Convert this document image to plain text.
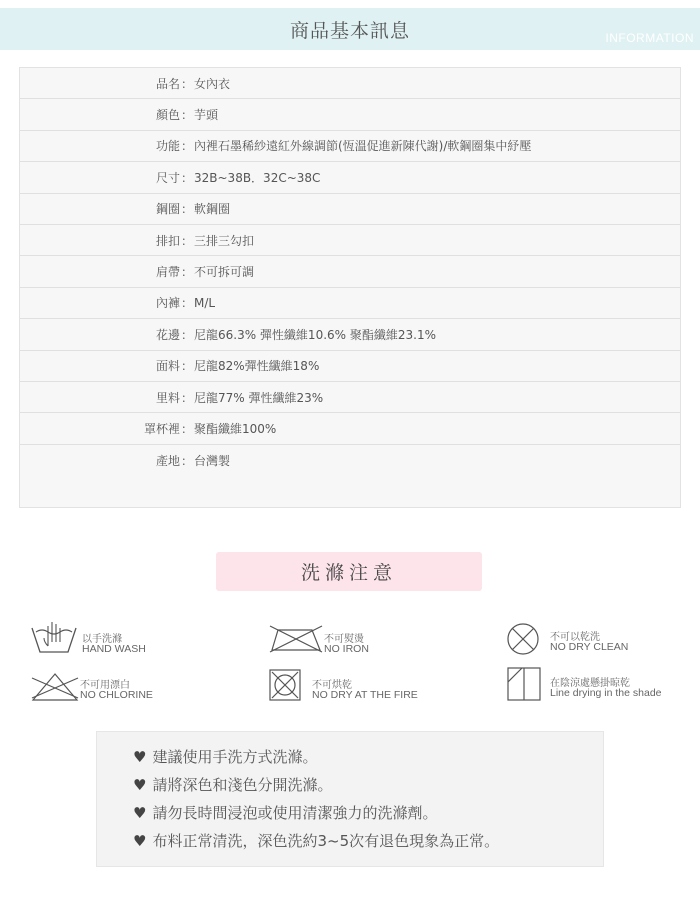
商品基本訊息	INFORMATION
品名 ： 女內衣
顏色 ： 芋頭
功能 ： 內裡石墨稀紗遠紅外線調節(恆溫促進新陳代謝)/軟鋼圈集中紓壓
尺寸 ： 32B~38B．32C~38C
鋼圈 ： 軟鋼圈
排扣 ： 三排三勾扣
肩帶 ： 不可拆可調
內褲 ： M/L
花邊 ： 尼龍66.3% 彈性纖維10.6% 聚酯纖維23.1%
面料 ： 尼龍82%彈性纖維18%
里料 ： 尼龍77% 彈性纖維23%
罩杯裡 ： 聚酯纖維100%
產地 ： 台灣製
洗滌注意
以手洗滌
HAND WASH
不可熨燙
NO IRON
不可以乾洗
NO DRY CLEAN
不可用漂白
NO CHLORINE
不可烘乾
NO DRY AT THE FIRE
在陰涼處懸掛晾乾
Line drying in the shade
♥ 建議使用手洗方式洗滌。
♥ 請將深色和淺色分開洗滌。
♥ 請勿長時間浸泡或使用清潔強力的洗滌劑。
♥ 布料正常清洗，深色洗約3~5次有退色現象為正常。
